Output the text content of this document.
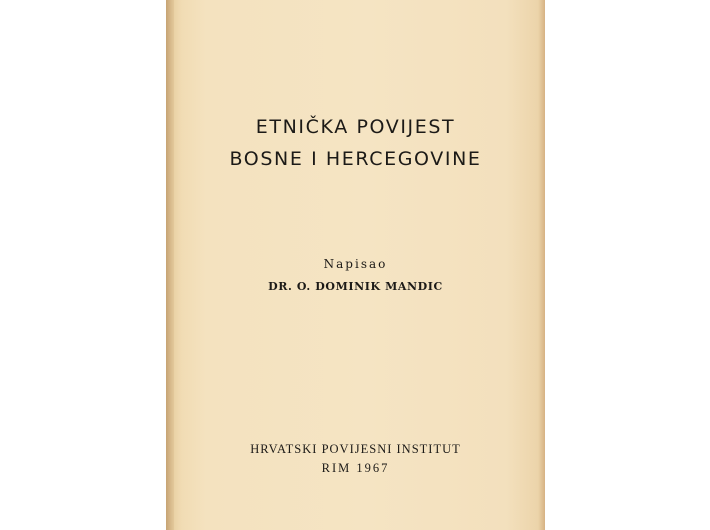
ETNIČKA POVIJEST
BOSNE I HERCEGOVINE
Napisao
DR. O. DOMINIK MANDIC
HRVATSKI POVIJESNI INSTITUT
RIM 1967
